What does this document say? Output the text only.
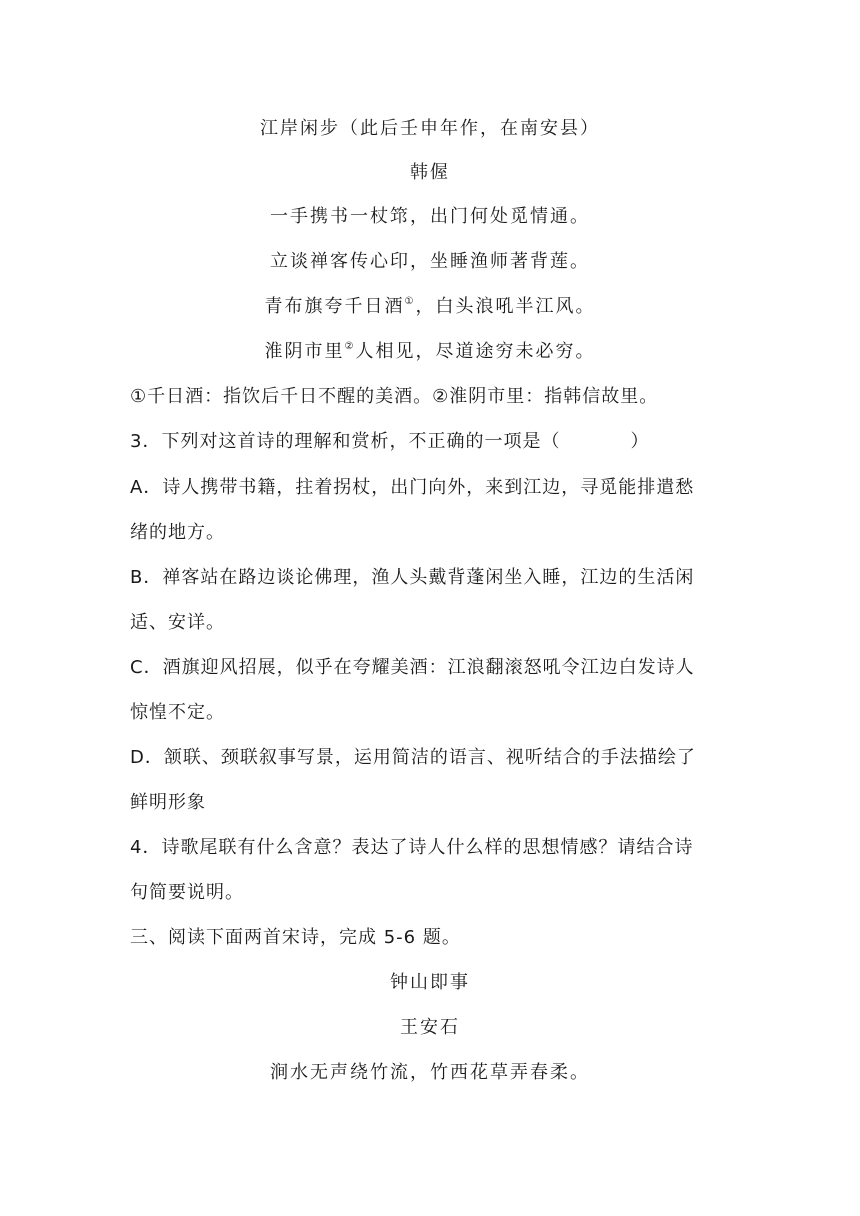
江岸闲步（此后壬申年作，在南安县）
韩偓
一手携书一杖筇，出门何处觅情通。
立谈禅客传心印，坐睡渔师著背莲。
青布旗夸千日酒①，白头浪吼半江风。
淮阴市里②人相见，尽道途穷未必穷。
①千日酒：指饮后千日不醒的美酒。②淮阴市里：指韩信故里。
3．下列对这首诗的理解和赏析，不正确的一项是（	）
A．诗人携带书籍，拄着拐杖，出门向外，来到江边，寻觅能排遣愁
绪的地方。
B．禅客站在路边谈论佛理，渔人头戴背蓬闲坐入睡，江边的生活闲
适、安详。
C．酒旗迎风招展，似乎在夸耀美酒：江浪翻滚怒吼令江边白发诗人
惊惶不定。
D．颔联、颈联叙事写景，运用简洁的语言、视听结合的手法描绘了
鲜明形象
4．诗歌尾联有什么含意？表达了诗人什么样的思想情感？请结合诗
句简要说明。
三、阅读下面两首宋诗，完成 5-6 题。
钟山即事
王安石
涧水无声绕竹流，竹西花草弄春柔。
